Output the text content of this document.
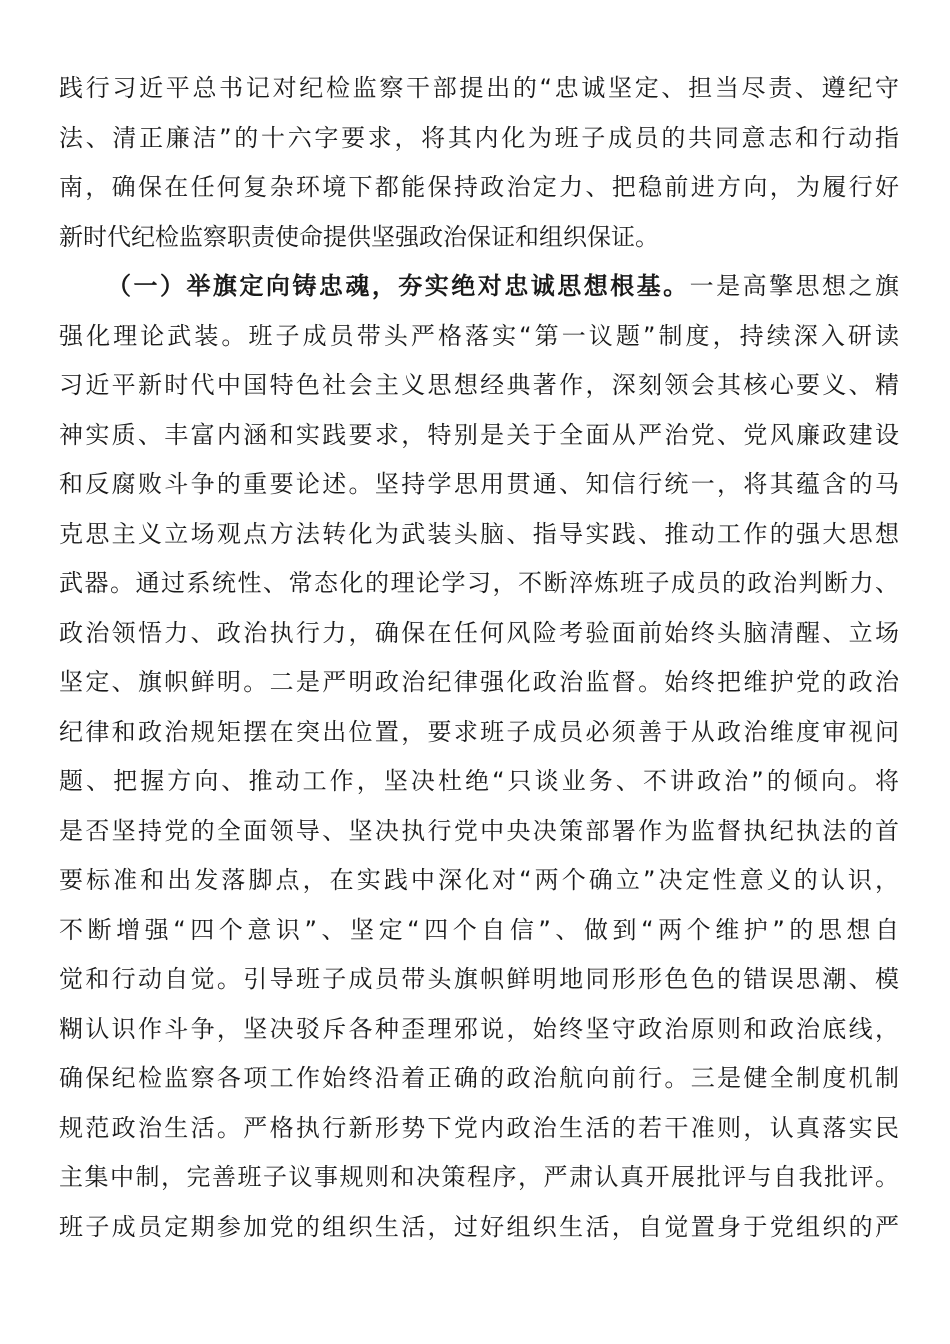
践行习近平总书记对纪检监察干部提出的“忠诚坚定、担当尽责、遵纪守
法、清正廉洁”的十六字要求，将其内化为班子成员的共同意志和行动指
南，确保在任何复杂环境下都能保持政治定力、把稳前进方向，为履行好
新时代纪检监察职责使命提供坚强政治保证和组织保证。
（一）举旗定向铸忠魂，夯实绝对忠诚思想根基。一是高擎思想之旗
强化理论武装。班子成员带头严格落实“第一议题”制度，持续深入研读
习近平新时代中国特色社会主义思想经典著作，深刻领会其核心要义、精
神实质、丰富内涵和实践要求，特别是关于全面从严治党、党风廉政建设
和反腐败斗争的重要论述。坚持学思用贯通、知信行统一，将其蕴含的马
克思主义立场观点方法转化为武装头脑、指导实践、推动工作的强大思想
武器。通过系统性、常态化的理论学习，不断淬炼班子成员的政治判断力、
政治领悟力、政治执行力，确保在任何风险考验面前始终头脑清醒、立场
坚定、旗帜鲜明。二是严明政治纪律强化政治监督。始终把维护党的政治
纪律和政治规矩摆在突出位置，要求班子成员必须善于从政治维度审视问
题、把握方向、推动工作，坚决杜绝“只谈业务、不讲政治”的倾向。将
是否坚持党的全面领导、坚决执行党中央决策部署作为监督执纪执法的首
要标准和出发落脚点，在实践中深化对“两个确立”决定性意义的认识，
不断增强“四个意识”、坚定“四个自信”、做到“两个维护”的思想自
觉和行动自觉。引导班子成员带头旗帜鲜明地同形形色色的错误思潮、模
糊认识作斗争，坚决驳斥各种歪理邪说，始终坚守政治原则和政治底线，
确保纪检监察各项工作始终沿着正确的政治航向前行。三是健全制度机制
规范政治生活。严格执行新形势下党内政治生活的若干准则，认真落实民
主集中制，完善班子议事规则和决策程序，严肃认真开展批评与自我批评。
班子成员定期参加党的组织生活，过好组织生活，自觉置身于党组织的严
